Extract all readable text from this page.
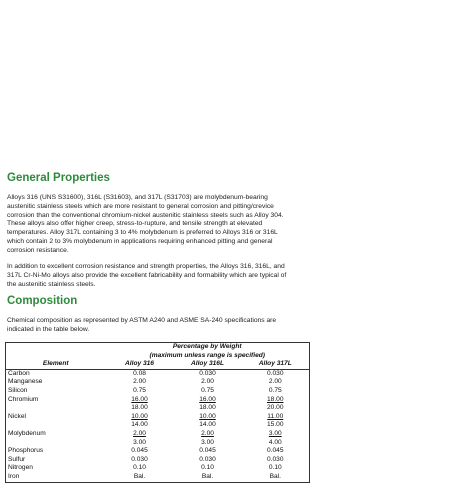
General Properties
Alloys 316 (UNS S31600), 316L (S31603), and 317L (S31703) are molybdenum-bearing
austenitic stainless steels which are more resistant to general corrosion and pitting/crevice
corrosion than the conventional chromium-nickel austenitic stainless steels such as Alloy 304.
These alloys also offer higher creep, stress-to-rupture, and tensile strength at elevated
temperatures. Alloy 317L containing 3 to 4% molybdenum is preferred to Alloys 316 or 316L
which contain 2 to 3% molybdenum in applications requiring enhanced pitting and general
corrosion resistance.
In addition to excellent corrosion resistance and strength properties, the Alloys 316, 316L, and
317L Cr-Ni-Mo alloys also provide the excellent fabricability and formability which are typical of
the austenitic stainless steels.
Composition
Chemical composition as represented by ASTM A240 and ASME SA-240 specifications are
indicated in the table below.
	Percentage by Weight		
	(maximum unless range is specified)		
Element	Alloy 316	Alloy 316L	Alloy 317L
Carbon	0.08	0.030	0.030
Manganese	2.00	2.00	2.00
Silicon	0.75	0.75	0.75
Chromium	16.00	16.00	18.00
	18.00	18.00	20.00
Nickel	10.00	10.00	11.00
	14.00	14.00	15.00
Molybdenum	2.00	2.00	3.00
	3.00	3.00	4.00
Phosphorus	0.045	0.045	0.045
Sulfur	0.030	0.030	0.030
Nitrogen	0.10	0.10	0.10
Iron	Bal.	Bal.	Bal.
